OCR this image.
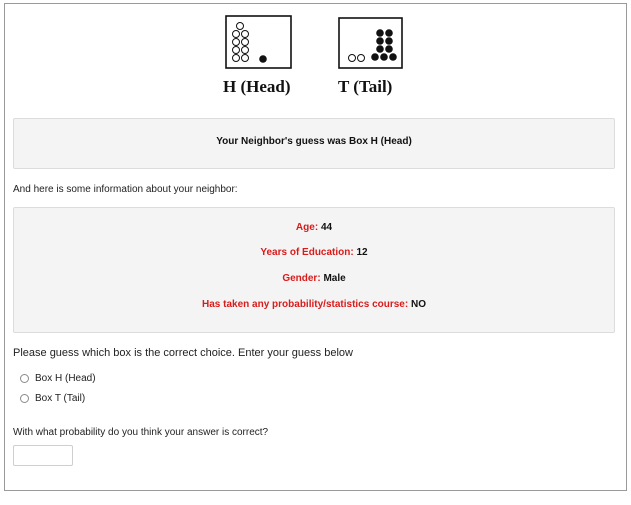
H (Head)	T (Tail)
Your Neighbor's guess was Box H (Head)
And here is some information about your neighbor:
Age: 44
Years of Education: 12
Gender: Male
Has taken any probability/statistics course: NO
Please guess which box is the correct choice. Enter your guess below
Box H (Head)
Box T (Tail)
With what probability do you think your answer is correct?
